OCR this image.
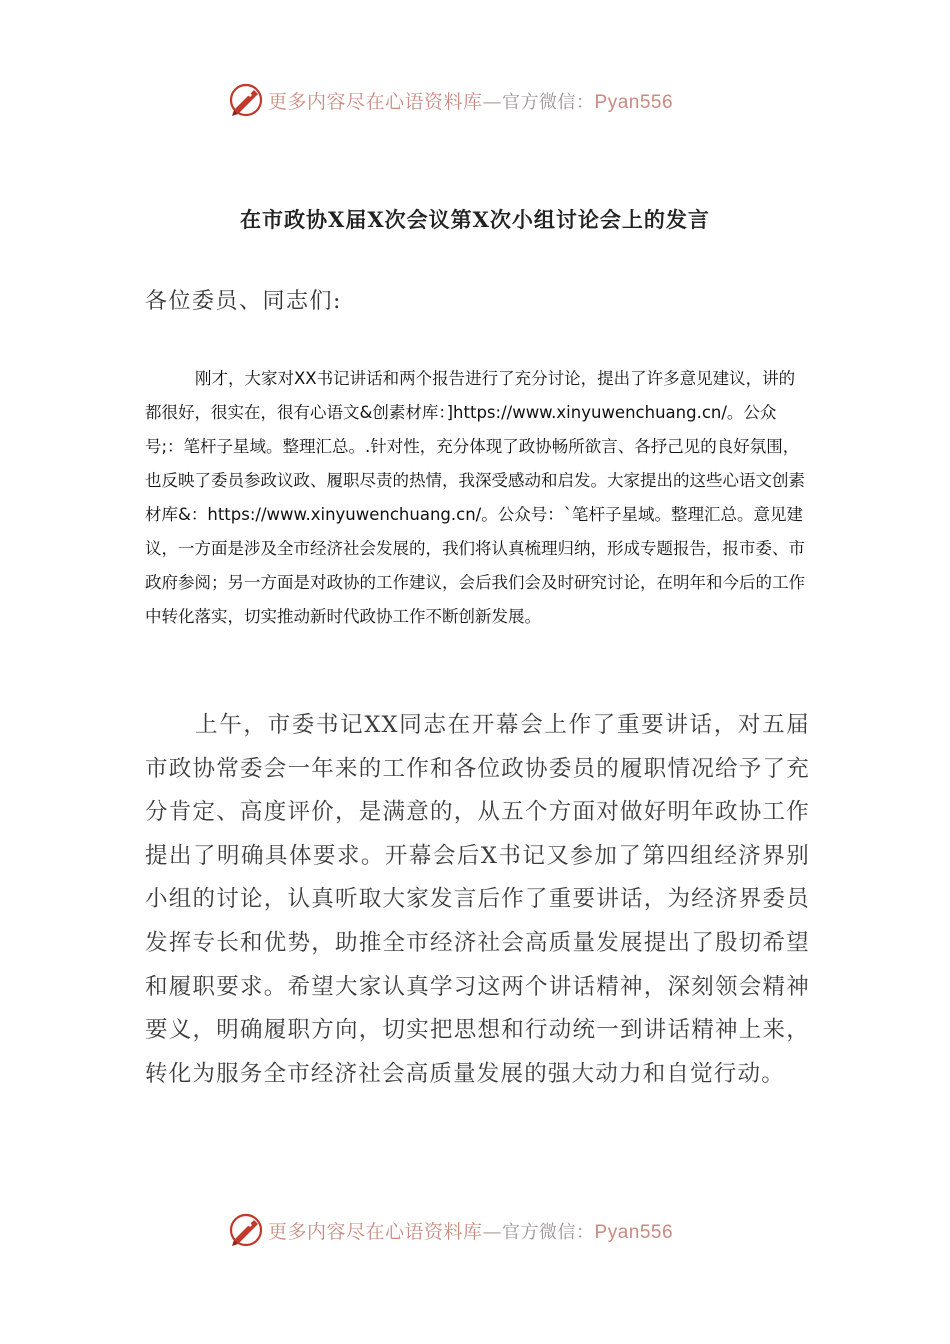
更多内容尽在心语资料库—官方微信：Pyan556
在市政协X届X次会议第X次小组讨论会上的发言
各位委员、同志们:

刚才，大家对XX书记讲话和两个报告进行了充分讨论，提出了许多意见建议，讲的都很好，很实在，很有心语文&创素材库：]https://www.xinyuwenchuang.cn/。公众号;：笔杆子星域。整理汇总。.针对性，充分体现了政协畅所欲言、各抒己见的良好氛围，也反映了委员参政议政、履职尽责的热情，我深受感动和启发。大家提出的这些心语文创素材库&：https://www.xinyuwenchuang.cn/。公众号：`笔杆子星域。整理汇总。意见建议，一方面是涉及全市经济社会发展的，我们将认真梳理归纳，形成专题报告，报市委、市政府参阅；另一方面是对政协的工作建议，会后我们会及时研究讨论，在明年和今后的工作中转化落实，切实推动新时代政协工作不断创新发展。

上午，市委书记XX同志在开幕会上作了重要讲话，对五届市政协常委会一年来的工作和各位政协委员的履职情况给予了充分肯定、高度评价，是满意的，从五个方面对做好明年政协工作提出了明确具体要求。开幕会后X书记又参加了第四组经济界别小组的讨论，认真听取大家发言后作了重要讲话，为经济界委员发挥专长和优势，助推全市经济社会高质量发展提出了殷切希望和履职要求。希望大家认真学习这两个讲话精神，深刻领会精神要义，明确履职方向，切实把思想和行动统一到讲话精神上来，转化为服务全市经济社会高质量发展的强大动力和自觉行动。

更多内容尽在心语资料库—官方微信：Pyan556
